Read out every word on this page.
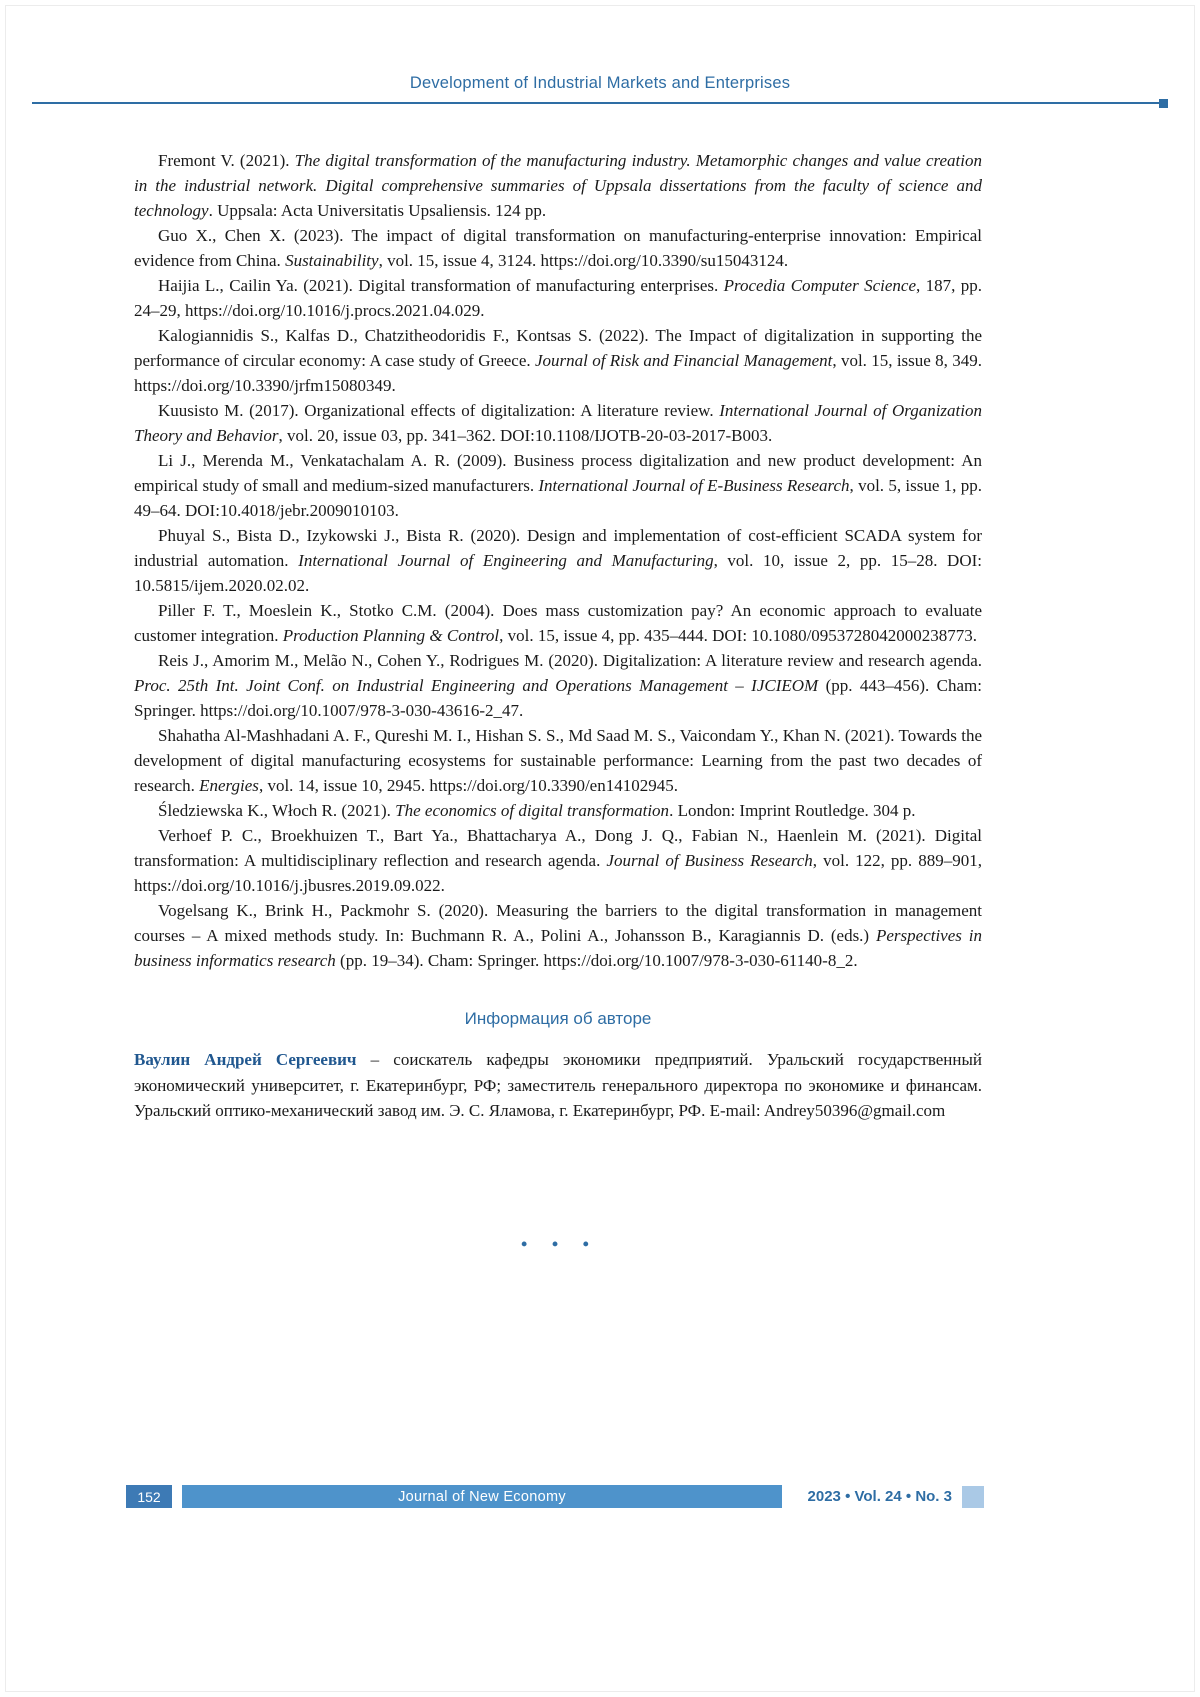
Development of Industrial Markets and Enterprises

Fremont V. (2021). The digital transformation of the manufacturing industry. Metamorphic changes and value creation in the industrial network. Digital comprehensive summaries of Uppsala dissertations from the faculty of science and technology. Uppsala: Acta Universitatis Upsaliensis. 124 pp.

Guo X., Chen X. (2023). The impact of digital transformation on manufacturing-enterprise innovation: Empirical evidence from China. Sustainability, vol. 15, issue 4, 3124. https://doi.org/10.3390/su15043124.

Haijia L., Cailin Ya. (2021). Digital transformation of manufacturing enterprises. Procedia Computer Science, 187, pp. 24–29, https://doi.org/10.1016/j.procs.2021.04.029.

Kalogiannidis S., Kalfas D., Chatzitheodoridis F., Kontsas S. (2022). The Impact of digitalization in supporting the performance of circular economy: A case study of Greece. Journal of Risk and Financial Management, vol. 15, issue 8, 349. https://doi.org/10.3390/jrfm15080349.

Kuusisto M. (2017). Organizational effects of digitalization: A literature review. International Journal of Organization Theory and Behavior, vol. 20, issue 03, pp. 341–362. DOI:10.1108/IJOTB-20-03-2017-B003.

Li J., Merenda M., Venkatachalam A. R. (2009). Business process digitalization and new product development: An empirical study of small and medium-sized manufacturers. International Journal of E-Business Research, vol. 5, issue 1, pp. 49–64. DOI:10.4018/jebr.2009010103.

Phuyal S., Bista D., Izykowski J., Bista R. (2020). Design and implementation of cost-efficient SCADA system for industrial automation. International Journal of Engineering and Manufacturing, vol. 10, issue 2, pp. 15–28. DOI: 10.5815/ijem.2020.02.02.

Piller F. T., Moeslein K., Stotko C.M. (2004). Does mass customization pay? An economic approach to evaluate customer integration. Production Planning & Control, vol. 15, issue 4, pp. 435–444. DOI: 10.1080/0953728042000238773.

Reis J., Amorim M., Melão N., Cohen Y., Rodrigues M. (2020). Digitalization: A literature review and research agenda. Proc. 25th Int. Joint Conf. on Industrial Engineering and Operations Management – IJCIEOM (pp. 443–456). Cham: Springer. https://doi.org/10.1007/978-3-030-43616-2_47.

Shahatha Al-Mashhadani A. F., Qureshi M. I., Hishan S. S., Md Saad M. S., Vaicondam Y., Khan N. (2021). Towards the development of digital manufacturing ecosystems for sustainable performance: Learning from the past two decades of research. Energies, vol. 14, issue 10, 2945. https://doi.org/10.3390/en14102945.

Śledziewska K., Włoch R. (2021). The economics of digital transformation. London: Imprint Routledge. 304 p.

Verhoef P. C., Broekhuizen T., Bart Ya., Bhattacharya A., Dong J. Q., Fabian N., Haenlein M. (2021). Digital transformation: A multidisciplinary reflection and research agenda. Journal of Business Research, vol. 122, pp. 889–901, https://doi.org/10.1016/j.jbusres.2019.09.022.

Vogelsang K., Brink H., Packmohr S. (2020). Measuring the barriers to the digital transformation in management courses – A mixed methods study. In: Buchmann R. A., Polini A., Johansson B., Karagiannis D. (eds.) Perspectives in business informatics research (pp. 19–34). Cham: Springer. https://doi.org/10.1007/978-3-030-61140-8_2.

Информация об авторе

Ваулин Андрей Сергеевич – соискатель кафедры экономики предприятий. Уральский государственный экономический университет, г. Екатеринбург, РФ; заместитель генерального директора по экономике и финансам. Уральский оптико-механический завод им. Э. С. Яламова, г. Екатеринбург, РФ. E-mail: Andrey50396@gmail.com

• • •
152	Journal of New Economy	2023 • Vol. 24 • No. 3
